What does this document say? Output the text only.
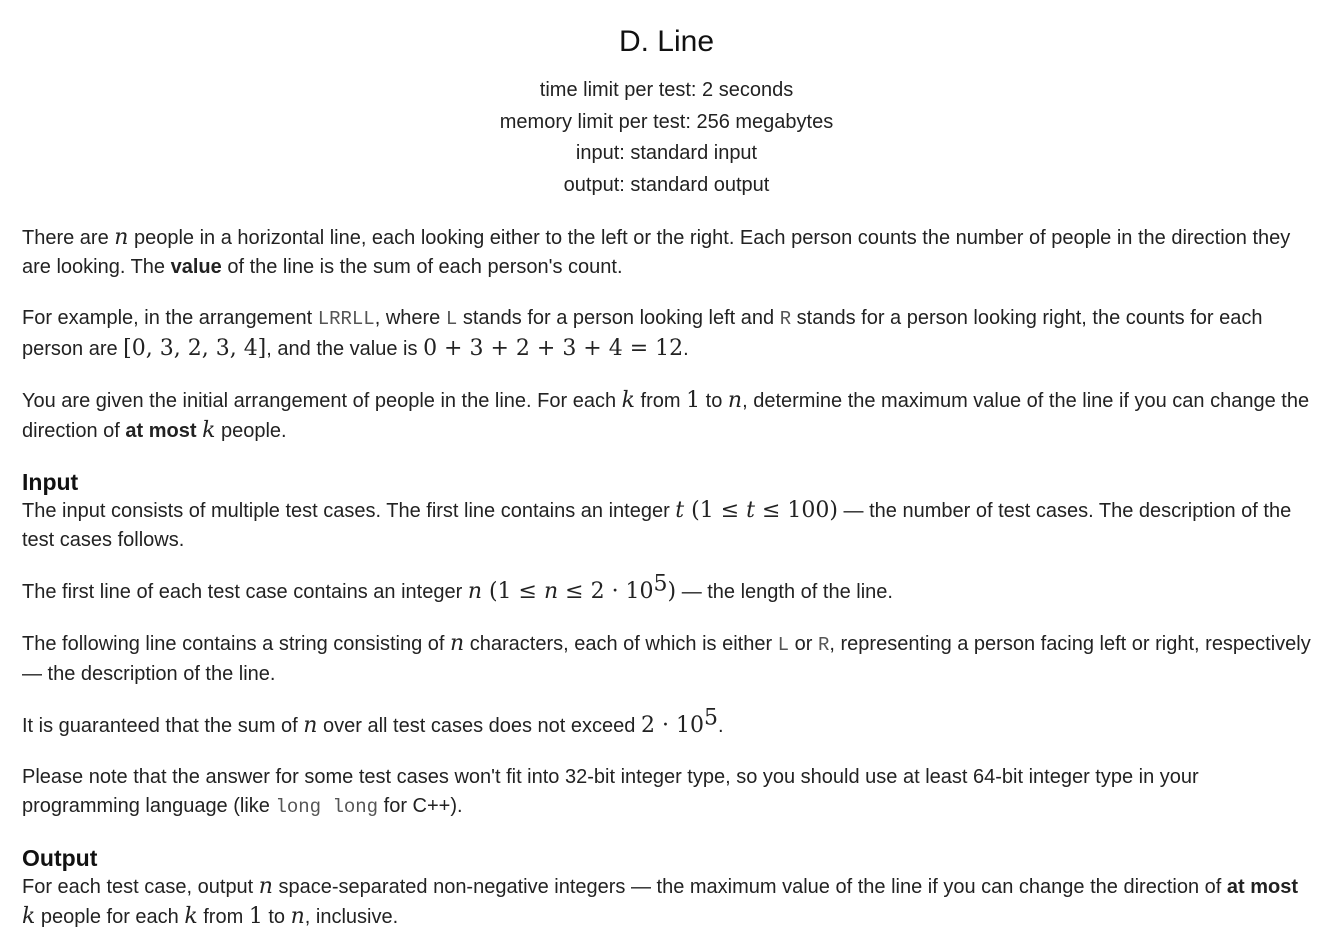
D. Line
time limit per test: 2 seconds
memory limit per test: 256 megabytes
input: standard input
output: standard output

There are n people in a horizontal line, each looking either to the left or the right. Each person counts the number of people in the direction they are looking. The value of the line is the sum of each person's count.

For example, in the arrangement LRRLL, where L stands for a person looking left and R stands for a person looking right, the counts for each person are [0, 3, 2, 3, 4], and the value is 0 + 3 + 2 + 3 + 4 = 12.

You are given the initial arrangement of people in the line. For each k from 1 to n, determine the maximum value of the line if you can change the direction of at most k people.

Input

The input consists of multiple test cases. The first line contains an integer t (1 ≤ t ≤ 100) — the number of test cases. The description of the test cases follows.

The first line of each test case contains an integer n $(1 \le n \le 2 \cdot 10^5)$ — the length of the line.

The following line contains a string consisting of n characters, each of which is either L or R, representing a person facing left or right, respectively — the description of the line.

It is guaranteed that the sum of n over all test cases does not exceed $2 \cdot 10^5$.

Please note that the answer for some test cases won't fit into 32-bit integer type, so you should use at least 64-bit integer type in your programming language (like long long for C++).

Output

For each test case, output n space-separated non-negative integers — the maximum value of the line if you can change the direction of at most k people for each k from 1 to n, inclusive.
